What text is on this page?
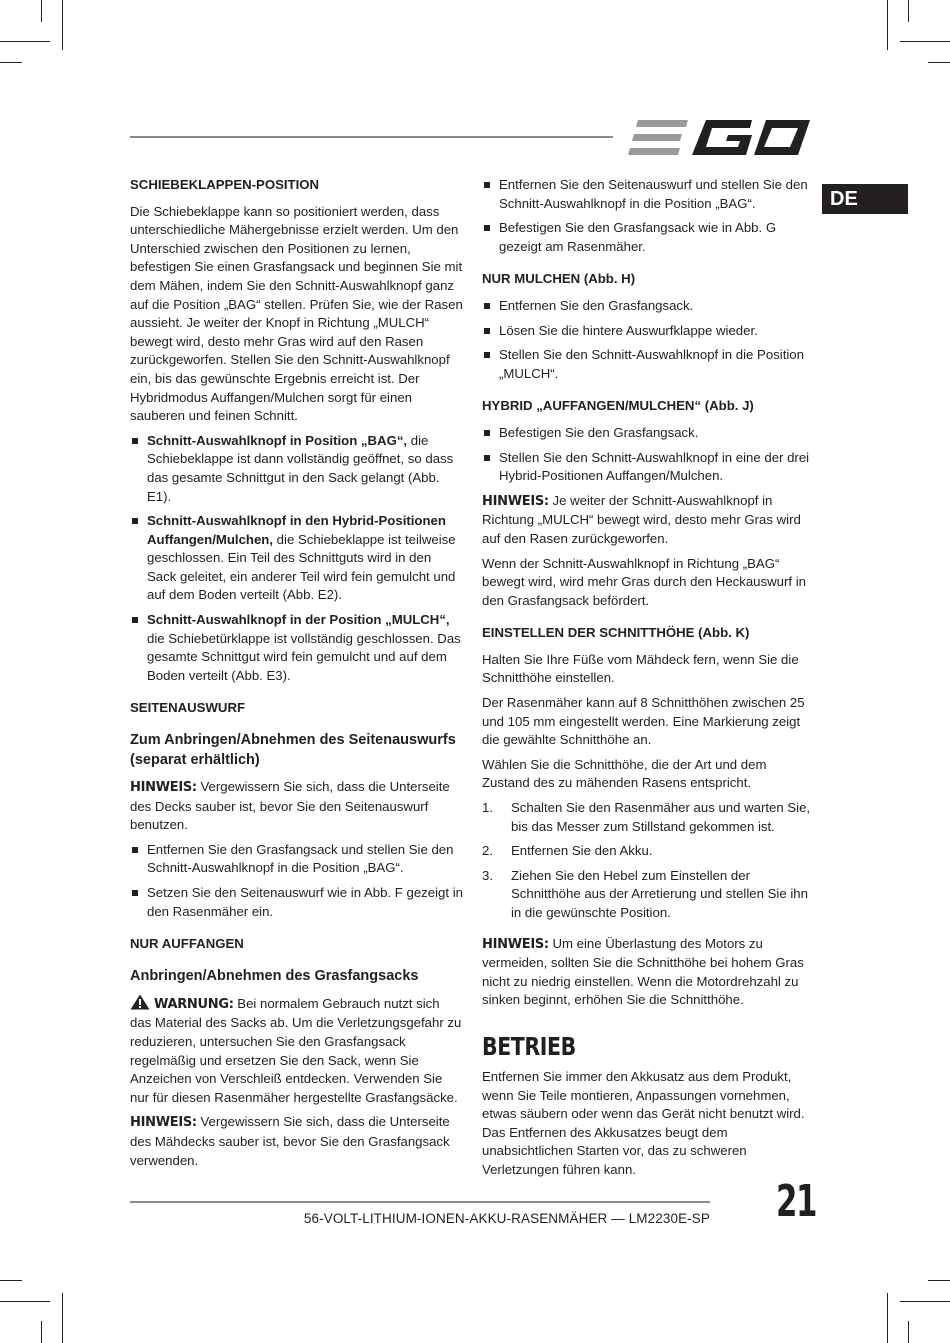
DE
SCHIEBEKLAPPEN-POSITION

Die Schiebeklappe kann so positioniert werden, dass unterschiedliche Mähergebnisse erzielt werden. Um den Unterschied zwischen den Positionen zu lernen, befestigen Sie einen Grasfangsack und beginnen Sie mit dem Mähen, indem Sie den Schnitt-Auswahlknopf ganz auf die Position „BAG“ stellen. Prüfen Sie, wie der Rasen aussieht. Je weiter der Knopf in Richtung „MULCH“ bewegt wird, desto mehr Gras wird auf den Rasen zurückgeworfen. Stellen Sie den Schnitt-Auswahlknopf ein, bis das gewünschte Ergebnis erreicht ist. Der Hybridmodus Auffangen/Mulchen sorgt für einen sauberen und feinen Schnitt.

Schnitt-Auswahlknopf in Position „BAG“, die Schiebeklappe ist dann vollständig geöffnet, so dass das gesamte Schnittgut in den Sack gelangt (Abb. E1).
Schnitt-Auswahlknopf in den Hybrid-Positionen Auffangen/Mulchen, die Schiebeklappe ist teilweise geschlossen. Ein Teil des Schnittguts wird in den Sack geleitet, ein anderer Teil wird fein gemulcht und auf dem Boden verteilt (Abb. E2).
Schnitt-Auswahlknopf in der Position „MULCH“, die Schiebetürklappe ist vollständig geschlossen. Das gesamte Schnittgut wird fein gemulcht und auf dem Boden verteilt (Abb. E3).
SEITENAUSWURF
Zum Anbringen/Abnehmen des Seitenauswurfs (separat erhältlich)

HINWEIS: Vergewissern Sie sich, dass die Unterseite des Decks sauber ist, bevor Sie den Seitenauswurf benutzen.

Entfernen Sie den Grasfangsack und stellen Sie den Schnitt-Auswahlknopf in die Position „BAG“.
Setzen Sie den Seitenauswurf wie in Abb. F gezeigt in den Rasenmäher ein.
NUR AUFFANGEN
Anbringen/Abnehmen des Grasfangsacks

WARNUNG: Bei normalem Gebrauch nutzt sich das Material des Sacks ab. Um die Verletzungsgefahr zu reduzieren, untersuchen Sie den Grasfangsack regelmäßig und ersetzen Sie den Sack, wenn Sie Anzeichen von Verschleiß entdecken. Verwenden Sie nur für diesen Rasenmäher hergestellte Grasfangsäcke.

HINWEIS: Vergewissern Sie sich, dass die Unterseite des Mähdecks sauber ist, bevor Sie den Grasfangsack verwenden.

Entfernen Sie den Seitenauswurf und stellen Sie den Schnitt-Auswahlknopf in die Position „BAG“.
Befestigen Sie den Grasfangsack wie in Abb. G gezeigt am Rasenmäher.
NUR MULCHEN (Abb. H)
Entfernen Sie den Grasfangsack.
Lösen Sie die hintere Auswurfklappe wieder.
Stellen Sie den Schnitt-Auswahlknopf in die Position „MULCH“.
HYBRID „AUFFANGEN/MULCHEN“ (Abb. J)
Befestigen Sie den Grasfangsack.
Stellen Sie den Schnitt-Auswahlknopf in eine der drei Hybrid-Positionen Auffangen/Mulchen.

HINWEIS: Je weiter der Schnitt-Auswahlknopf in Richtung „MULCH“ bewegt wird, desto mehr Gras wird auf den Rasen zurückgeworfen.

Wenn der Schnitt-Auswahlknopf in Richtung „BAG“ bewegt wird, wird mehr Gras durch den Heckauswurf in den Grasfangsack befördert.

EINSTELLEN DER SCHNITTHÖHE (Abb. K)

Halten Sie Ihre Füße vom Mähdeck fern, wenn Sie die Schnitthöhe einstellen.

Der Rasenmäher kann auf 8 Schnitthöhen zwischen 25 und 105 mm eingestellt werden. Eine Markierung zeigt die gewählte Schnitthöhe an.

Wählen Sie die Schnitthöhe, die der Art und dem Zustand des zu mähenden Rasens entspricht.

1. Schalten Sie den Rasenmäher aus und warten Sie, bis das Messer zum Stillstand gekommen ist.
2. Entfernen Sie den Akku.
3. Ziehen Sie den Hebel zum Einstellen der Schnitthöhe aus der Arretierung und stellen Sie ihn in die gewünschte Position.

HINWEIS: Um eine Überlastung des Motors zu vermeiden, sollten Sie die Schnitthöhe bei hohem Gras nicht zu niedrig einstellen. Wenn die Motordrehzahl zu sinken beginnt, erhöhen Sie die Schnitthöhe.

BETRIEB

Entfernen Sie immer den Akkusatz aus dem Produkt, wenn Sie Teile montieren, Anpassungen vornehmen, etwas säubern oder wenn das Gerät nicht benutzt wird. Das Entfernen des Akkusatzes beugt dem unabsichtlichen Starten vor, das zu schweren Verletzungen führen kann.

56-VOLT-LITHIUM-IONEN-AKKU-RASENMÄHER — LM2230E-SP 21
